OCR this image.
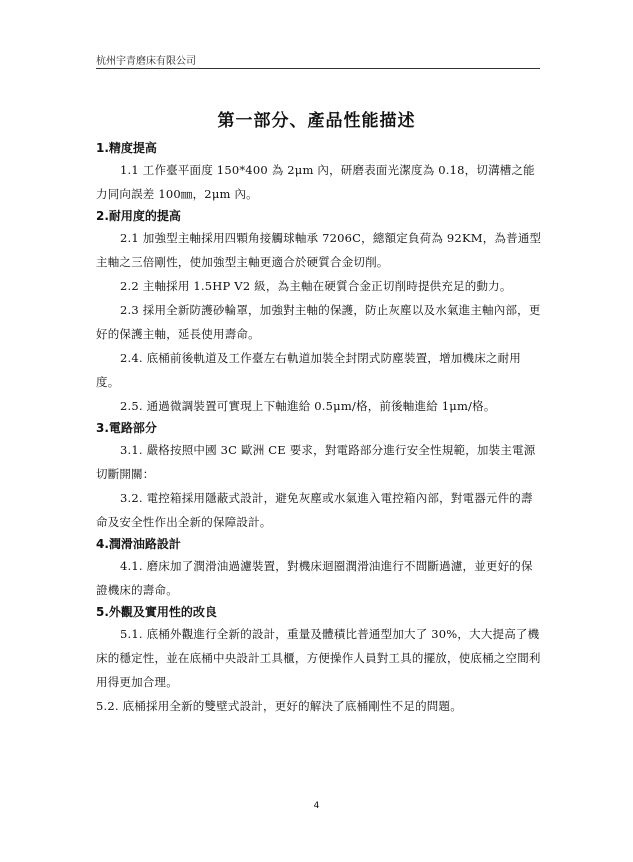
杭州宇青磨床有限公司
第一部分、產品性能描述

1.精度提高

1.1 工作臺平面度 150*400 為 2μm 內，研磨表面光潔度為 0.18，切溝槽之能力同向誤差 100㎜，2μm 內。

2.耐用度的提高

2.1 加強型主軸採用四顆角接觸球軸承 7206C，總額定負荷為 92KM，為普通型主軸之三倍剛性，使加強型主軸更適合於硬質合金切削。

2.2 主軸採用 1.5HP V2 級，為主軸在硬質合金正切削時提供充足的動力。

2.3 採用全新防護砂輪罩，加強對主軸的保護，防止灰塵以及水氣進主軸內部，更好的保護主軸，延長使用壽命。

2.4. 底桶前後軌道及工作臺左右軌道加裝全封閉式防塵裝置，增加機床之耐用度。

2.5. 通過微調裝置可實現上下軸進給 0.5μm/格，前後軸進給 1μm/格。

3.電路部分

3.1. 嚴格按照中國 3C 歐洲 CE 要求，對電路部分進行安全性規範，加裝主電源切斷開關：

3.2. 電控箱採用隱蔽式設計，避免灰塵或水氣進入電控箱內部，對電器元件的壽命及安全性作出全新的保障設計。

4.潤滑油路設計

4.1. 磨床加了潤滑油過濾裝置，對機床迴圈潤滑油進行不間斷過濾，並更好的保證機床的壽命。

5.外觀及實用性的改良

5.1. 底桶外觀進行全新的設計，重量及體積比普通型加大了 30%，大大提高了機床的穩定性，並在底桶中央設計工具櫃，方便操作人員對工具的擺放，使底桶之空間利用得更加合理。

5.2. 底桶採用全新的雙壁式設計，更好的解決了底桶剛性不足的問題。

4
